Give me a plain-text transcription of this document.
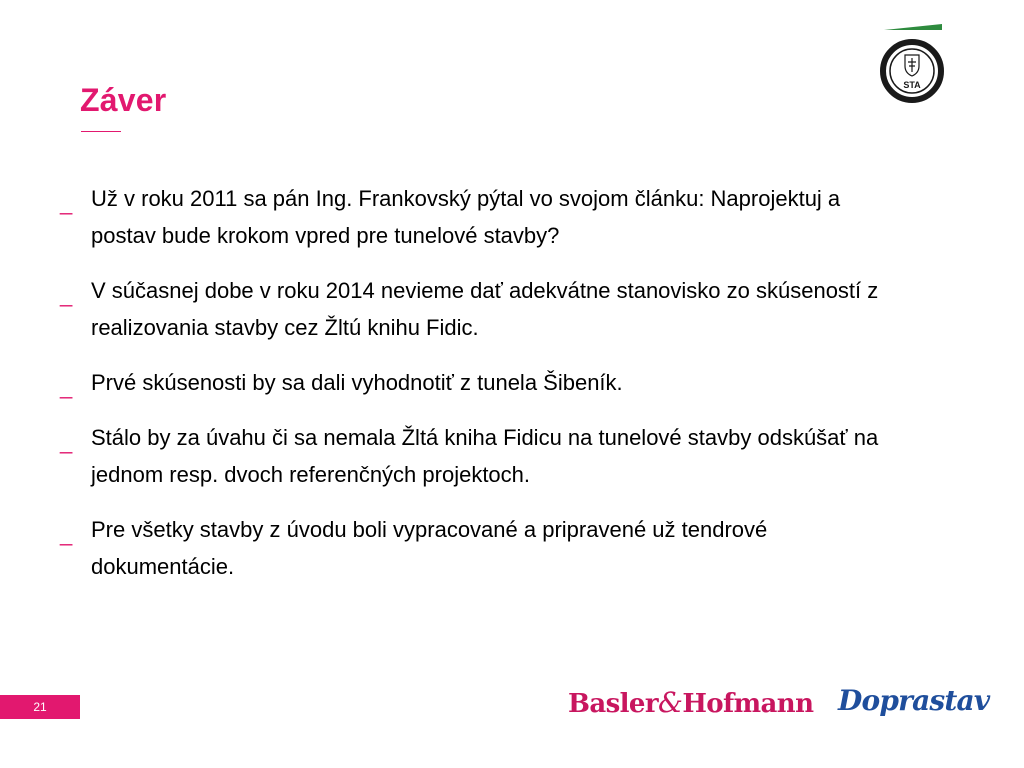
Záver	STA
_ Už v roku 2011 sa pán Ing. Frankovský pýtal vo svojom článku: Naprojektuj a postav bude krokom vpred pre tunelové stavby?
_ V súčasnej dobe v roku 2014 nevieme dať adekvátne stanovisko zo skúseností z realizovania stavby cez Žltú knihu Fidic.
_ Prvé skúsenosti by sa dali vyhodnotiť z tunela Šibeník.
_ Stálo by za úvahu či sa nemala Žltá kniha Fidicu na tunelové stavby odskúšať na jednom resp. dvoch referenčných projektoch.
_ Pre všetky stavby z úvodu boli vypracované a pripravené už tendrové dokumentácie.
21	Basler&Hofmann Doprastav
